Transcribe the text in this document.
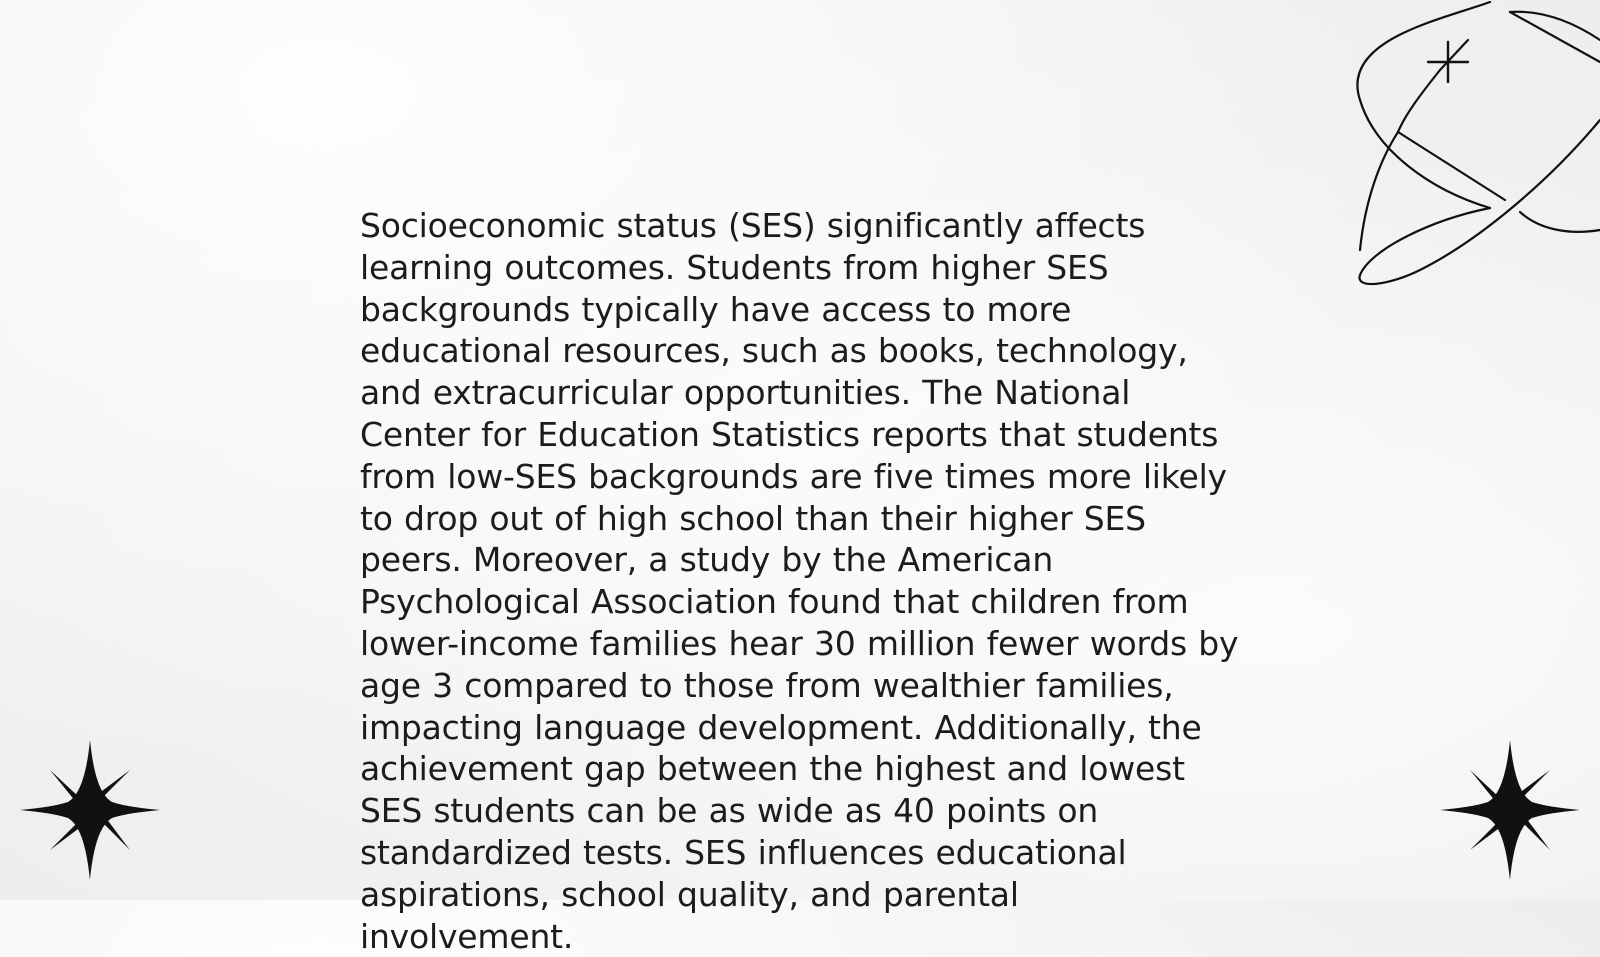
Socioeconomic status (SES) significantly affects learning outcomes. Students from higher SES backgrounds typically have access to more educational resources, such as books, technology, and extracurricular opportunities. The National Center for Education Statistics reports that students from low-SES backgrounds are five times more likely to drop out of high school than their higher SES peers. Moreover, a study by the American Psychological Association found that children from lower-income families hear 30 million fewer words by age 3 compared to those from wealthier families, impacting language development. Additionally, the achievement gap between the highest and lowest SES students can be as wide as 40 points on standardized tests. SES influences educational aspirations, school quality, and parental involvement.
